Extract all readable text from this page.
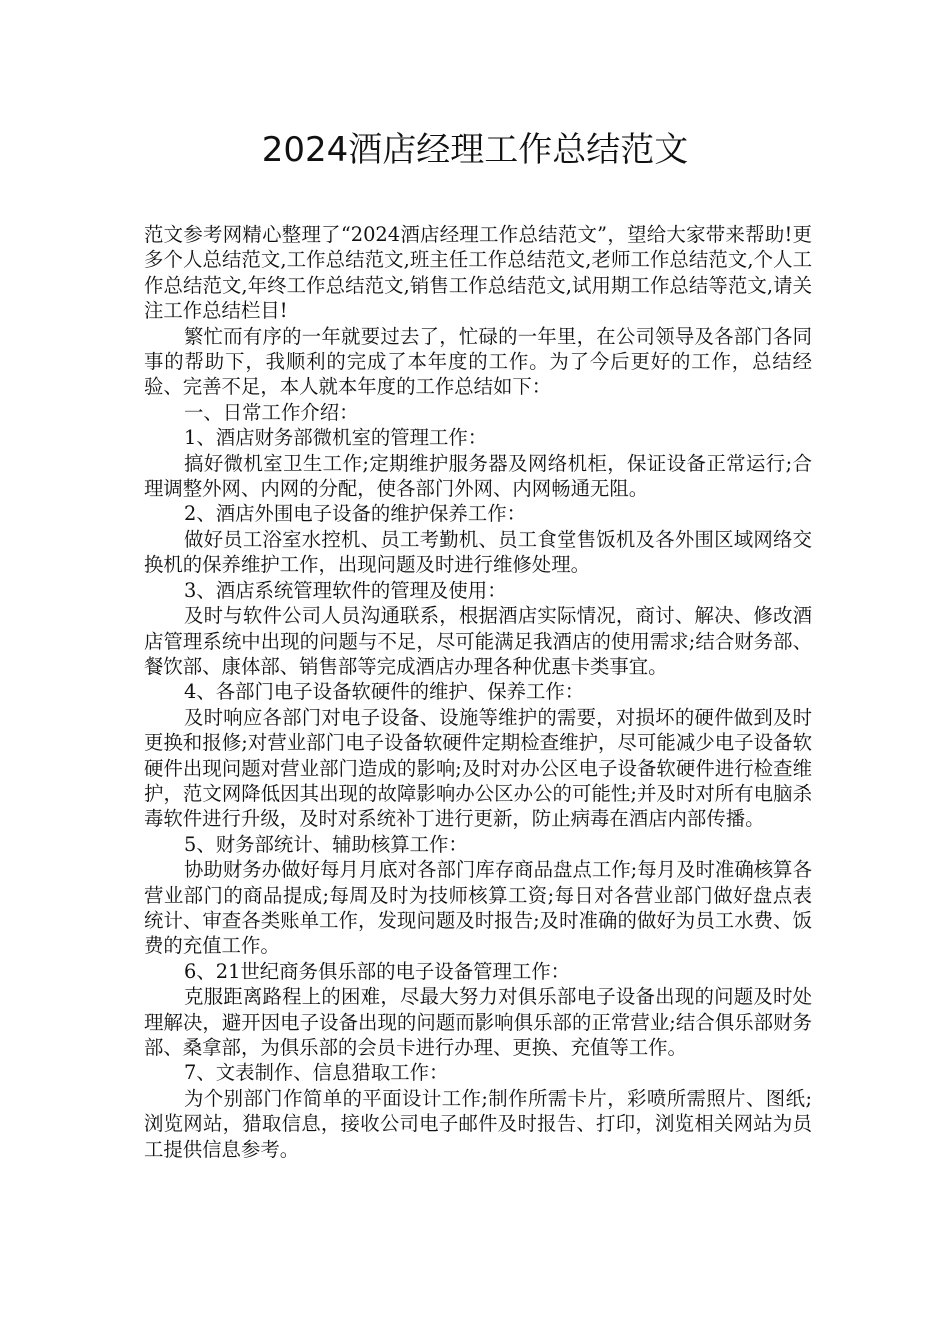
2024酒店经理工作总结范文

范文参考网精心整理了“2024酒店经理工作总结范文”，望给大家带来帮助!更多个人总结范文,工作总结范文,班主任工作总结范文,老师工作总结范文,个人工作总结范文,年终工作总结范文,销售工作总结范文,试用期工作总结等范文,请关注工作总结栏目!

繁忙而有序的一年就要过去了，忙碌的一年里，在公司领导及各部门各同事的帮助下，我顺利的完成了本年度的工作。为了今后更好的工作，总结经验、完善不足，本人就本年度的工作总结如下：

一、日常工作介绍：

1、酒店财务部微机室的管理工作：

搞好微机室卫生工作;定期维护服务器及网络机柜，保证设备正常运行;合理调整外网、内网的分配，使各部门外网、内网畅通无阻。

2、酒店外围电子设备的维护保养工作：

做好员工浴室水控机、员工考勤机、员工食堂售饭机及各外围区域网络交换机的保养维护工作，出现问题及时进行维修处理。

3、酒店系统管理软件的管理及使用：

及时与软件公司人员沟通联系，根据酒店实际情况，商讨、解决、修改酒店管理系统中出现的问题与不足，尽可能满足我酒店的使用需求;结合财务部、餐饮部、康体部、销售部等完成酒店办理各种优惠卡类事宜。

4、各部门电子设备软硬件的维护、保养工作：

及时响应各部门对电子设备、设施等维护的需要，对损坏的硬件做到及时更换和报修;对营业部门电子设备软硬件定期检查维护，尽可能减少电子设备软硬件出现问题对营业部门造成的影响;及时对办公区电子设备软硬件进行检查维护，范文网降低因其出现的故障影响办公区办公的可能性;并及时对所有电脑杀毒软件进行升级，及时对系统补丁进行更新，防止病毒在酒店内部传播。

5、财务部统计、辅助核算工作：

协助财务办做好每月月底对各部门库存商品盘点工作;每月及时准确核算各营业部门的商品提成;每周及时为技师核算工资;每日对各营业部门做好盘点表统计、审查各类账单工作，发现问题及时报告;及时准确的做好为员工水费、饭费的充值工作。

6、21世纪商务俱乐部的电子设备管理工作：

克服距离路程上的困难，尽最大努力对俱乐部电子设备出现的问题及时处理解决，避开因电子设备出现的问题而影响俱乐部的正常营业;结合俱乐部财务部、桑拿部，为俱乐部的会员卡进行办理、更换、充值等工作。

7、文表制作、信息猎取工作：

为个别部门作简单的平面设计工作;制作所需卡片，彩喷所需照片、图纸;浏览网站，猎取信息，接收公司电子邮件及时报告、打印，浏览相关网站为员工提供信息参考。
